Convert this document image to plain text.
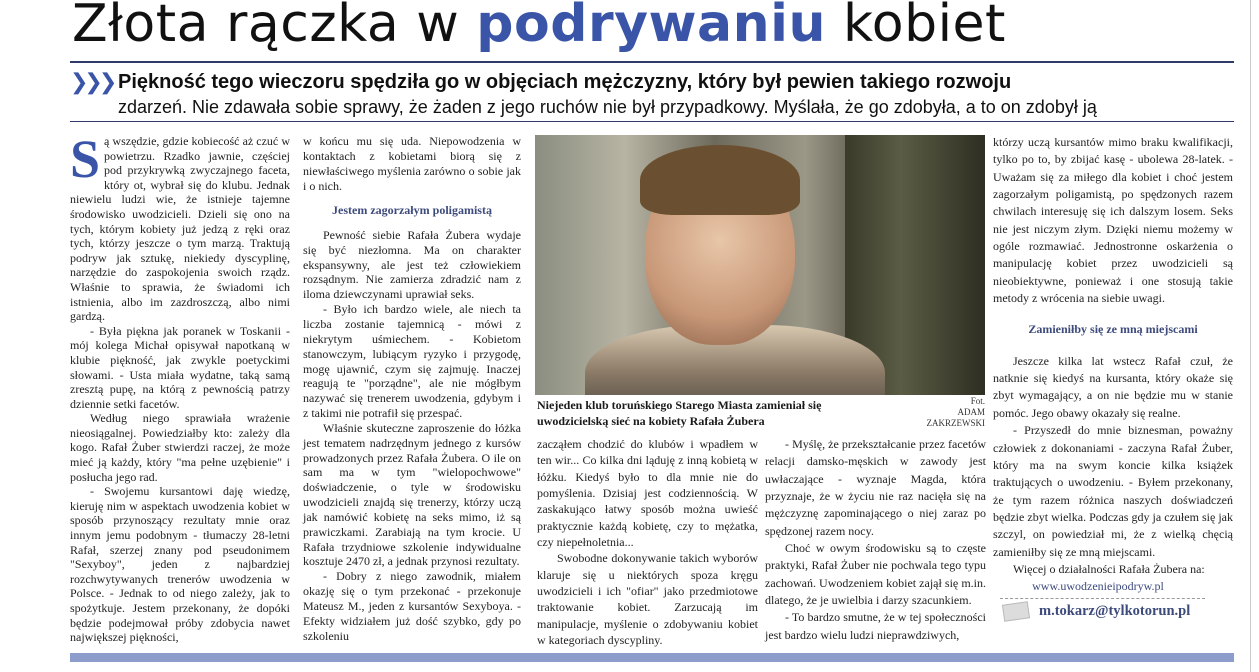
Złota rączka w podrywaniu kobiet
❯❯❯ Piękność tego wieczoru spędziła go w objęciach mężczyzny, który był pewien takiego rozwoju
zdarzeń. Nie zdawała sobie sprawy, że żaden z jego ruchów nie był przypadkowy. Myślała, że go zdobyła, a to on zdobył ją

Są wszędzie, gdzie kobiecość aż czuć w powietrzu. Rzadko jawnie, częściej pod przykrywką zwyczajnego faceta, który ot, wybrał się do klubu. Jednak niewielu ludzi wie, że istnieje tajemne środowisko uwodzicieli. Dzieli się ono na tych, którym kobiety już jedzą z ręki oraz tych, którzy jeszcze o tym marzą. Traktują podryw jak sztukę, niekiedy dyscyplinę, narzędzie do zaspokojenia swoich rządz. Właśnie to sprawia, że świadomi ich istnienia, albo im zazdroszczą, albo nimi gardzą.

- Była piękna jak poranek w Toskanii - mój kolega Michał opisywał napotkaną w klubie piękność, jak zwykle poetyckimi słowami. - Usta miała wydatne, taką samą zresztą pupę, na którą z pewnością patrzy dziennie setki facetów.

Według niego sprawiała wrażenie nieosiągalnej. Powiedziałby kto: zależy dla kogo. Rafał Żuber stwierdzi raczej, że może mieć ją każdy, który "ma pełne uzębienie" i posłucha jego rad.

- Swojemu kursantowi daję wiedzę, kieruję nim w aspektach uwodzenia kobiet w sposób przynoszący rezultaty mnie oraz innym jemu podobnym - tłumaczy 28-letni Rafał, szerzej znany pod pseudonimem "Sexyboy", jeden z najbardziej rozchwytywanych trenerów uwodzenia w Polsce. - Jednak to od niego zależy, jak to spożytkuje. Jestem przekonany, że dopóki będzie podejmował próby zdobycia nawet największej piękności,

w końcu mu się uda. Niepowodzenia w kontaktach z kobietami biorą się z niewłaściwego myślenia zarówno o sobie jak i o nich.

Jestem zagorzałym poligamistą

Pewność siebie Rafała Żubera wydaje się być niezłomna. Ma on charakter ekspansywny, ale jest też człowiekiem rozsądnym. Nie zamierza zdradzić nam z iloma dziewczynami uprawiał seks.

- Było ich bardzo wiele, ale niech ta liczba zostanie tajemnicą - mówi z niekrytym uśmiechem. - Kobietom stanowczym, lubiącym ryzyko i przygodę, mogę ujawnić, czym się zajmuję. Inaczej reagują te "porządne", ale nie mógłbym nazywać się trenerem uwodzenia, gdybym i z takimi nie potrafił się przespać.

Właśnie skuteczne zaproszenie do łóżka jest tematem nadrzędnym jednego z kursów prowadzonych przez Rafała Żubera. O ile on sam ma w tym "wielopochwowe" doświadczenie, o tyle w środowisku uwodzicieli znajdą się trenerzy, którzy uczą jak namówić kobietę na seks mimo, iż są prawiczkami. Zarabiają na tym krocie. U Rafała trzydniowe szkolenie indywidualne kosztuje 2470 zł, a jednak przynosi rezultaty.

- Dobry z niego zawodnik, miałem okazję się o tym przekonać - przekonuje Mateusz M., jeden z kursantów Sexyboya. - Efekty widziałem już dość szybko, gdy po szkoleniu

Niejeden klub toruńskiego Starego Miasta zamieniał się uwodzicielską sieć na kobiety Rafała Żubera
Fot.
ADAM ZAKRZEWSKI

zacząłem chodzić do klubów i wpadłem w ten wir... Co kilka dni ląduję z inną kobietą w łóżku. Kiedyś było to dla mnie nie do pomyślenia. Dzisiaj jest codziennością. W zaskakująco łatwy sposób można uwieść praktycznie każdą kobietę, czy to mężatka, czy niepełnoletnia...

Swobodne dokonywanie takich wyborów klaruje się u niektórych spoza kręgu uwodzicieli i ich "ofiar" jako przedmiotowe traktowanie kobiet. Zarzucają im manipulacje, myślenie o zdobywaniu kobiet w kategoriach dyscypliny.

- Myślę, że przekształcanie przez facetów relacji damsko-męskich w zawody jest uwłaczające - wyznaje Magda, która przyznaje, że w życiu nie raz nacięła się na mężczyznę zapominającego o niej zaraz po spędzonej razem nocy.

Choć w owym środowisku są to częste praktyki, Rafał Żuber nie pochwala tego typu zachowań. Uwodzeniem kobiet zajął się m.in. dlatego, że je uwielbia i darzy szacunkiem.

- To bardzo smutne, że w tej społeczności jest bardzo wielu ludzi nieprawdziwych,

którzy uczą kursantów mimo braku kwalifikacji, tylko po to, by zbijać kasę - ubolewa 28-latek. - Uważam się za miłego dla kobiet i choć jestem zagorzałym poligamistą, po spędzonych razem chwilach interesuję się ich dalszym losem. Seks nie jest niczym złym. Dzięki niemu możemy w ogóle rozmawiać. Jednostronne oskarżenia o manipulację kobiet przez uwodzicieli są nieobiektywne, ponieważ i one stosują takie metody z wrócenia na siebie uwagi.

Zamieniłby się ze mną miejscami

Jeszcze kilka lat wstecz Rafał czuł, że natknie się kiedyś na kursanta, który okaże się zbyt wymagający, a on nie będzie mu w stanie pomóc. Jego obawy okazały się realne.

- Przyszedł do mnie biznesman, poważny człowiek z dokonaniami - zaczyna Rafał Żuber, który ma na swym koncie kilka książek traktujących o uwodzeniu. - Byłem przekonany, że tym razem różnica naszych doświadczeń będzie zbyt wielka. Podczas gdy ja czułem się jak szczyl, on powiedział mi, że z wielką chęcią zamieniłby się ze mną miejscami.

Więcej o działalności Rafała Żubera na:
www.uwodzenieipodryw.pl
m.tokarz@tylkotorun.pl
